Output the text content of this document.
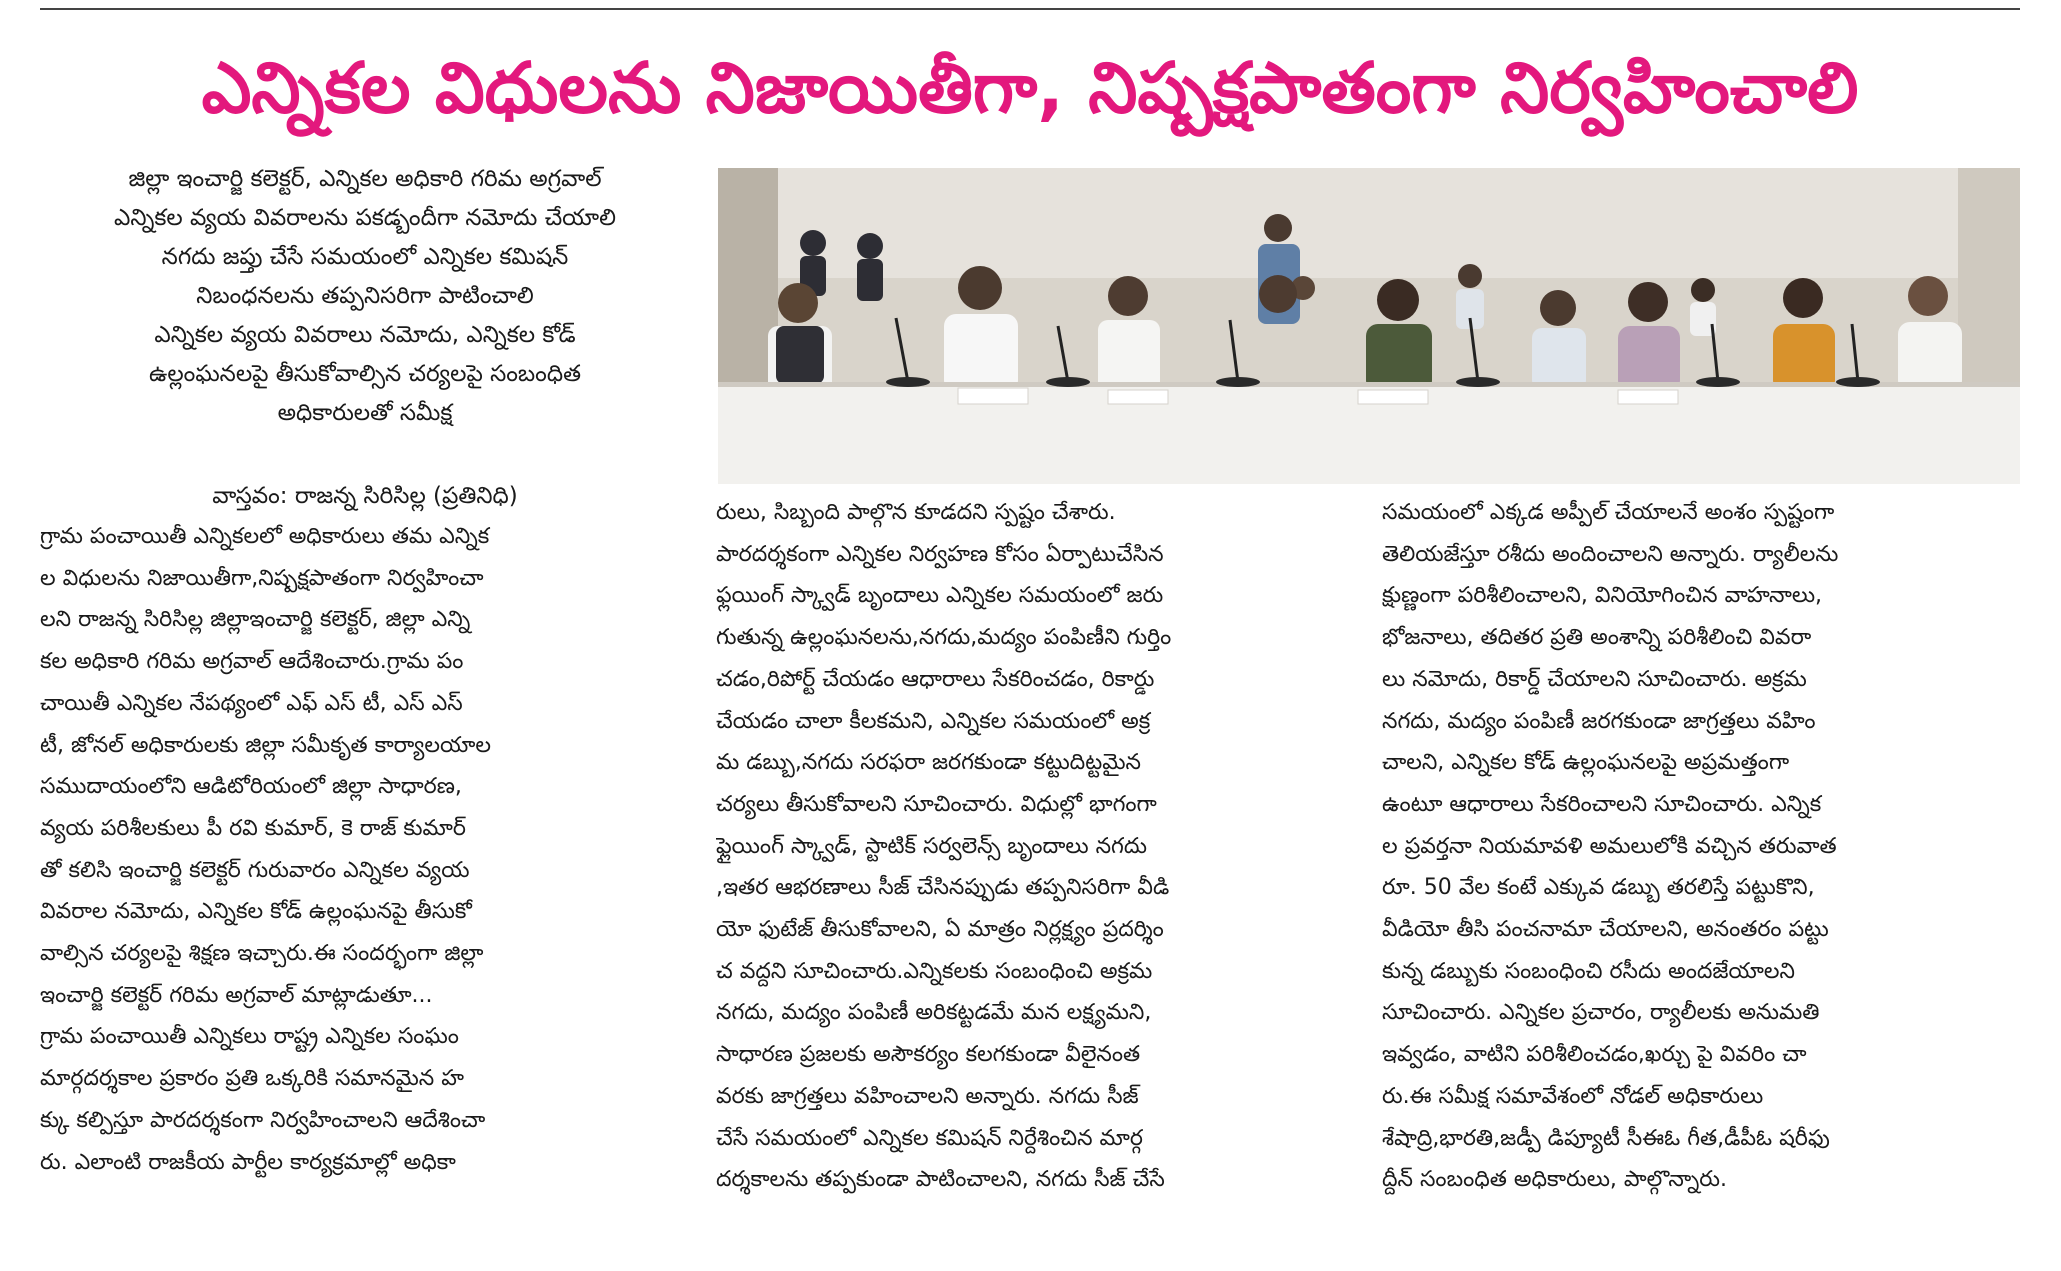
ఎన్నికల విధులను నిజాయితీగా, నిష్పక్షపాతంగా నిర్వహించాలి
జిల్లా ఇంచార్జి కలెక్టర్, ఎన్నికల అధికారి గరిమ అగ్రవాల్
ఎన్నికల వ్యయ వివరాలను పకడ్బందీగా నమోదు చేయాలి
నగదు జప్తు చేసే సమయంలో ఎన్నికల కమిషన్
నిబంధనలను తప్పనిసరిగా పాటించాలి
ఎన్నికల వ్యయ వివరాలు నమోదు, ఎన్నికల కోడ్
ఉల్లంఘనలపై తీసుకోవాల్సిన చర్యలపై సంబంధిత
అధికారులతో సమీక్ష
వాస్తవం: రాజన్న సిరిసిల్ల (ప్రతినిధి)
గ్రామ పంచాయితీ ఎన్నికలలో అధికారులు తమ ఎన్నిక
ల విధులను నిజాయితీగా,నిష్పక్షపాతంగా నిర్వహించా
లని రాజన్న సిరిసిల్ల జిల్లాఇంచార్జి కలెక్టర్, జిల్లా ఎన్ని
కల అధికారి గరిమ అగ్రవాల్ ఆదేశించారు.గ్రామ పం
చాయితీ ఎన్నికల నేపథ్యంలో ఎఫ్ ఎస్ టీ, ఎస్ ఎస్
టీ, జోనల్ అధికారులకు జిల్లా సమీకృత కార్యాలయాల
సముదాయంలోని ఆడిటోరియంలో జిల్లా సాధారణ,
వ్యయ పరిశీలకులు పీ రవి కుమార్, కె రాజ్ కుమార్
తో కలిసి ఇంచార్జి కలెక్టర్ గురువారం ఎన్నికల వ్యయ
వివరాల నమోదు, ఎన్నికల కోడ్ ఉల్లంఘనపై తీసుకో
వాల్సిన చర్యలపై శిక్షణ ఇచ్చారు.ఈ సందర్భంగా జిల్లా
ఇంచార్జి కలెక్టర్ గరిమ అగ్రవాల్ మాట్లాడుతూ...
గ్రామ పంచాయితీ ఎన్నికలు రాష్ట్ర ఎన్నికల సంఘం
మార్గదర్శకాల ప్రకారం ప్రతి ఒక్కరికి సమానమైన హ
క్కు కల్పిస్తూ పారదర్శకంగా నిర్వహించాలని ఆదేశించా
రు. ఎలాంటి రాజకీయ పార్టీల కార్యక్రమాల్లో అధికా
రులు, సిబ్బంది పాల్గొన కూడదని స్పష్టం చేశారు.
పారదర్శకంగా ఎన్నికల నిర్వహణ కోసం ఏర్పాటుచేసిన
ఫ్లయింగ్ స్క్వాడ్ బృందాలు ఎన్నికల సమయంలో జరు
గుతున్న ఉల్లంఘనలను,నగదు,మద్యం పంపిణీని గుర్తిం
చడం,రిపోర్ట్ చేయడం ఆధారాలు సేకరించడం, రికార్డు
చేయడం చాలా కీలకమని, ఎన్నికల సమయంలో అక్ర
మ డబ్బు,నగదు సరఫరా జరగకుండా కట్టుదిట్టమైన
చర్యలు తీసుకోవాలని సూచించారు. విధుల్లో భాగంగా
ఫ్లైయింగ్ స్క్వాడ్, స్టాటిక్ సర్వలెన్స్ బృందాలు నగదు
,ఇతర ఆభరణాలు సీజ్ చేసినప్పుడు తప్పనిసరిగా వీడి
యో ఫుటేజ్ తీసుకోవాలని, ఏ మాత్రం నిర్లక్ష్యం ప్రదర్శిం
చ వద్దని సూచించారు.ఎన్నికలకు సంబంధించి అక్రమ
నగదు, మద్యం పంపిణీ అరికట్టడమే మన లక్ష్యమని,
సాధారణ ప్రజలకు అసౌకర్యం కలగకుండా వీలైనంత
వరకు జాగ్రత్తలు వహించాలని అన్నారు. నగదు సీజ్
చేసే సమయంలో ఎన్నికల కమిషన్ నిర్దేశించిన మార్గ
దర్శకాలను తప్పకుండా పాటించాలని, నగదు సీజ్ చేసే
సమయంలో ఎక్కడ అప్పీల్ చేయాలనే అంశం స్పష్టంగా
తెలియజేస్తూ రశీదు అందించాలని అన్నారు. ర్యాలీలను
క్షుణ్ణంగా పరిశీలించాలని, వినియోగించిన వాహనాలు,
భోజనాలు, తదితర ప్రతి అంశాన్ని పరిశీలించి వివరా
లు నమోదు, రికార్డ్ చేయాలని సూచించారు. అక్రమ
నగదు, మద్యం పంపిణీ జరగకుండా జాగ్రత్తలు వహిం
చాలని, ఎన్నికల కోడ్ ఉల్లంఘనలపై అప్రమత్తంగా
ఉంటూ ఆధారాలు సేకరించాలని సూచించారు. ఎన్నిక
ల ప్రవర్తనా నియమావళి అమలులోకి వచ్చిన తరువాత
రూ. 50 వేల కంటే ఎక్కువ డబ్బు తరలిస్తే పట్టుకొని,
వీడియో తీసి పంచనామా చేయాలని, అనంతరం పట్టు
కున్న డబ్బుకు సంబంధించి రసీదు అందజేయాలని
సూచించారు. ఎన్నికల ప్రచారం, ర్యాలీలకు అనుమతి
ఇవ్వడం, వాటిని పరిశీలించడం,ఖర్చు పై వివరిం చా
రు.ఈ సమీక్ష సమావేశంలో నోడల్ అధికారులు
శేషాద్రి,భారతి,జడ్పీ డిప్యూటీ సీఈఓ గీత,డీపీఓ షరీఫు
ద్దీన్ సంబంధిత అధికారులు, పాల్గొన్నారు.
